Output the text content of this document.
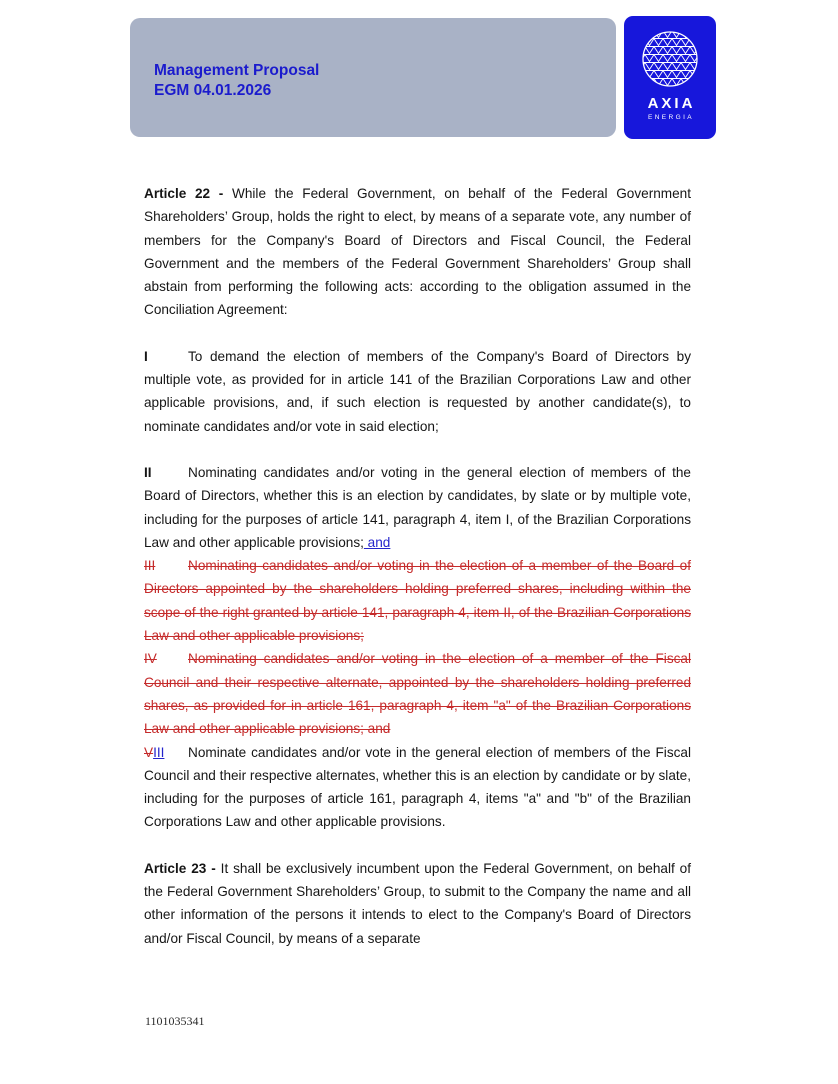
Management Proposal
EGM 04.01.2026
AXIA
ENERGIA

Article 22 - While the Federal Government, on behalf of the Federal Government Shareholders’ Group, holds the right to elect, by means of a separate vote, any number of members for the Company's Board of Directors and Fiscal Council, the Federal Government and the members of the Federal Government Shareholders’ Group shall abstain from performing the following acts: according to the obligation assumed in the Conciliation Agreement:

I	To demand the election of members of the Company's Board of Directors by multiple vote, as provided for in article 141 of the Brazilian Corporations Law and other applicable provisions, and, if such election is requested by another candidate(s), to nominate candidates and/or vote in said election;

II	Nominating candidates and/or voting in the general election of members of the Board of Directors, whether this is an election by candidates, by slate or by multiple vote, including for the purposes of article 141, paragraph 4, item I, of the Brazilian Corporations Law and other applicable provisions; and

III Nominating candidates and/or voting in the election of a member of the Board of Directors appointed by the shareholders holding preferred shares, including within the scope of the right granted by article 141, paragraph 4, item II, of the Brazilian Corporations Law and other applicable provisions;

IV Nominating candidates and/or voting in the election of a member of the Fiscal Council and their respective alternate, appointed by the shareholders holding preferred shares, as provided for in article 161, paragraph 4, item "a" of the Brazilian Corporations Law and other applicable provisions; and

VIII Nominate candidates and/or vote in the general election of members of the Fiscal Council and their respective alternates, whether this is an election by candidate or by slate, including for the purposes of article 161, paragraph 4, items "a" and "b" of the Brazilian Corporations Law and other applicable provisions.

Article 23 - It shall be exclusively incumbent upon the Federal Government, on behalf of the Federal Government Shareholders’ Group, to submit to the Company the name and all other information of the persons it intends to elect to the Company's Board of Directors and/or Fiscal Council, by means of a separate

1101035341
